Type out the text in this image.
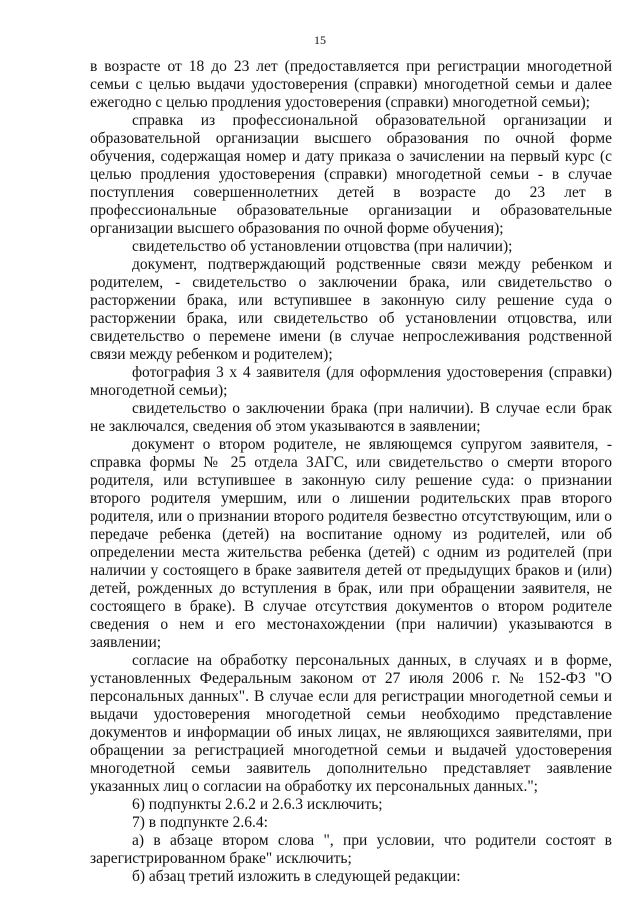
15

в возрасте от 18 до 23 лет (предоставляется при регистрации многодетной семьи с целью выдачи удостоверения (справки) многодетной семьи и далее ежегодно с целью продления удостоверения (справки) многодетной семьи);

справка из профессиональной образовательной организации и образовательной организации высшего образования по очной форме обучения, содержащая номер и дату приказа о зачислении на первый курс (с целью продления удостоверения (справки) многодетной семьи - в случае поступления совершеннолетних детей в возрасте до 23 лет в профессиональные образовательные организации и образовательные организации высшего образования по очной форме обучения);

свидетельство об установлении отцовства (при наличии);

документ, подтверждающий родственные связи между ребенком и родителем, - свидетельство о заключении брака, или свидетельство о расторжении брака, или вступившее в законную силу решение суда о расторжении брака, или свидетельство об установлении отцовства, или свидетельство о перемене имени (в случае непрослеживания родственной связи между ребенком и родителем);

фотография 3 x 4 заявителя (для оформления удостоверения (справки) многодетной семьи);

свидетельство о заключении брака (при наличии). В случае если брак не заключался, сведения об этом указываются в заявлении;

документ о втором родителе, не являющемся супругом заявителя, - справка формы № 25 отдела ЗАГС, или свидетельство о смерти второго родителя, или вступившее в законную силу решение суда: о признании второго родителя умершим, или о лишении родительских прав второго родителя, или о признании второго родителя безвестно отсутствующим, или о передаче ребенка (детей) на воспитание одному из родителей, или об определении места жительства ребенка (детей) с одним из родителей (при наличии у состоящего в браке заявителя детей от предыдущих браков и (или) детей, рожденных до вступления в брак, или при обращении заявителя, не состоящего в браке). В случае отсутствия документов о втором родителе сведения о нем и его местонахождении (при наличии) указываются в заявлении;

согласие на обработку персональных данных, в случаях и в форме, установленных Федеральным законом от 27 июля 2006 г. № 152-ФЗ "О персональных данных". В случае если для регистрации многодетной семьи и выдачи удостоверения многодетной семьи необходимо представление документов и информации об иных лицах, не являющихся заявителями, при обращении за регистрацией многодетной семьи и выдачей удостоверения многодетной семьи заявитель дополнительно представляет заявление указанных лиц о согласии на обработку их персональных данных.";

6) подпункты 2.6.2 и 2.6.3 исключить;

7) в подпункте 2.6.4:

а) в абзаце втором слова ", при условии, что родители состоят в зарегистрированном браке" исключить;

б) абзац третий изложить в следующей редакции:
